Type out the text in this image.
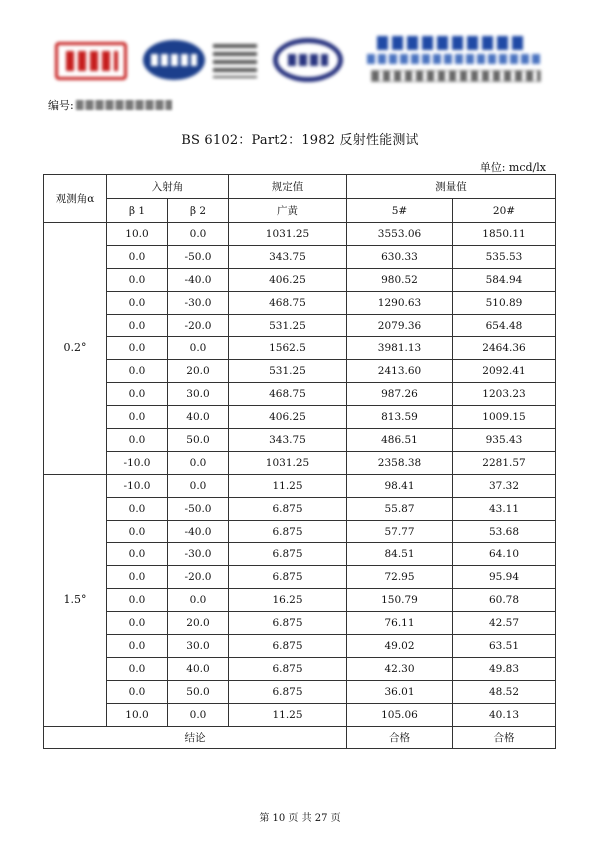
编号:
BS 6102：Part2：1982 反射性能测试
单位: mcd/lx
观测角α	入射角		规定值	测量值	
	β 1	β 2	广黄	5#	20#
0.2°	10.0	0.0	1031.25	3553.06	1850.11
	0.0	-50.0	343.75	630.33	535.53
	0.0	-40.0	406.25	980.52	584.94
	0.0	-30.0	468.75	1290.63	510.89
	0.0	-20.0	531.25	2079.36	654.48
	0.0	0.0	1562.5	3981.13	2464.36
	0.0	20.0	531.25	2413.60	2092.41
	0.0	30.0	468.75	987.26	1203.23
	0.0	40.0	406.25	813.59	1009.15
	0.0	50.0	343.75	486.51	935.43
	-10.0	0.0	1031.25	2358.38	2281.57
1.5°	-10.0	0.0	11.25	98.41	37.32
	0.0	-50.0	6.875	55.87	43.11
	0.0	-40.0	6.875	57.77	53.68
	0.0	-30.0	6.875	84.51	64.10
	0.0	-20.0	6.875	72.95	95.94
	0.0	0.0	16.25	150.79	60.78
	0.0	20.0	6.875	76.11	42.57
	0.0	30.0	6.875	49.02	63.51
	0.0	40.0	6.875	42.30	49.83
	0.0	50.0	6.875	36.01	48.52
	10.0	0.0	11.25	105.06	40.13
结论				合格	合格
第 10 页 共 27 页
